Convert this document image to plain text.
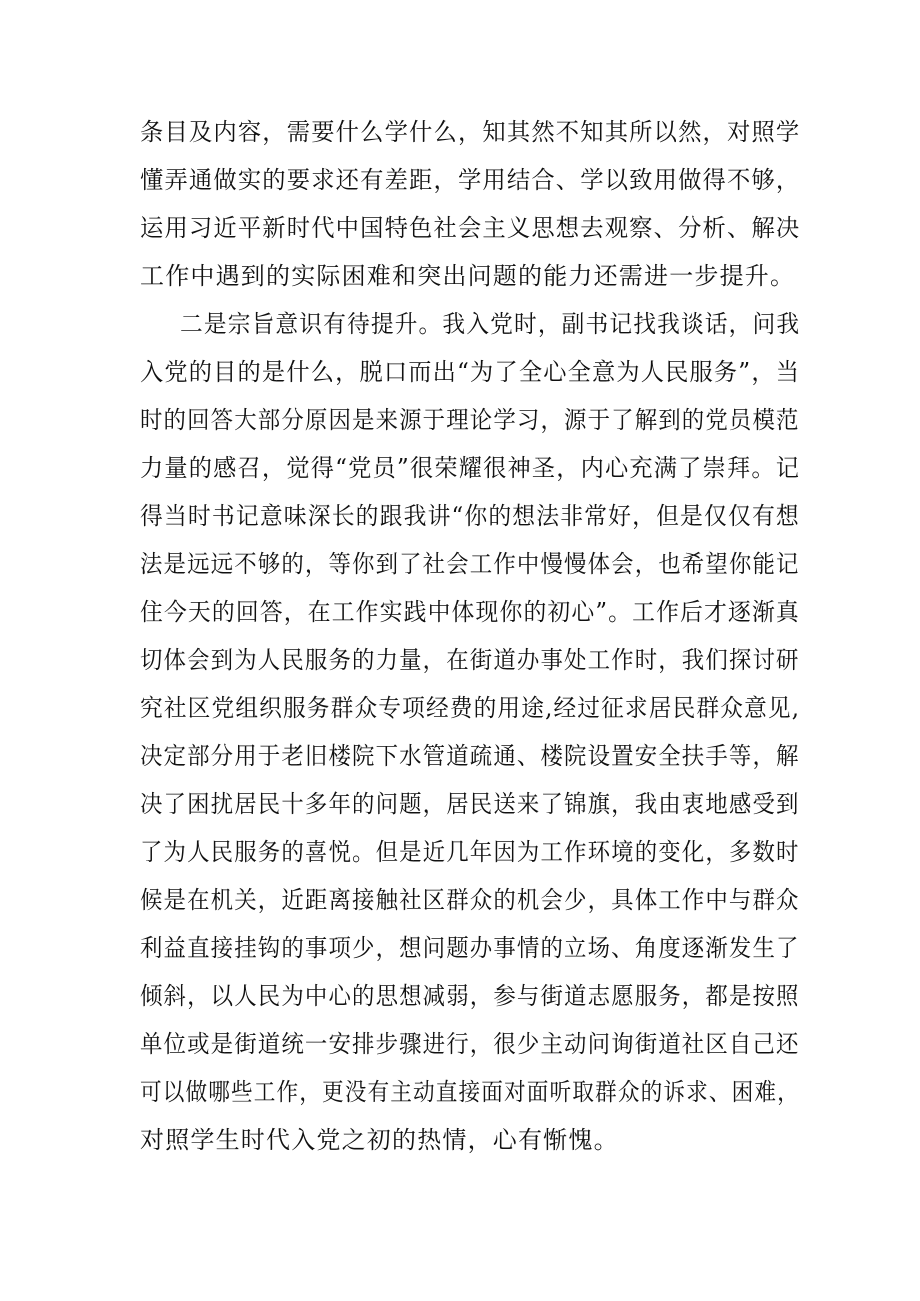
条目及内容，需要什么学什么，知其然不知其所以然，对照学
懂弄通做实的要求还有差距，学用结合、学以致用做得不够，
运用习近平新时代中国特色社会主义思想去观察、分析、解决
工作中遇到的实际困难和突出问题的能力还需进一步提升。
二是宗旨意识有待提升。我入党时，副书记找我谈话，问我
入党的目的是什么，脱口而出“为了全心全意为人民服务”，当
时的回答大部分原因是来源于理论学习，源于了解到的党员模范
力量的感召，觉得“党员”很荣耀很神圣，内心充满了崇拜。记
得当时书记意味深长的跟我讲“你的想法非常好，但是仅仅有想
法是远远不够的，等你到了社会工作中慢慢体会，也希望你能记
住今天的回答，在工作实践中体现你的初心”。工作后才逐渐真
切体会到为人民服务的力量，在街道办事处工作时，我们探讨研
究社区党组织服务群众专项经费的用途,经过征求居民群众意见,
决定部分用于老旧楼院下水管道疏通、楼院设置安全扶手等，解
决了困扰居民十多年的问题，居民送来了锦旗，我由衷地感受到
了为人民服务的喜悦。但是近几年因为工作环境的变化，多数时
候是在机关，近距离接触社区群众的机会少，具体工作中与群众
利益直接挂钩的事项少，想问题办事情的立场、角度逐渐发生了
倾斜，以人民为中心的思想减弱，参与街道志愿服务，都是按照
单位或是街道统一安排步骤进行，很少主动问询街道社区自己还
可以做哪些工作，更没有主动直接面对面听取群众的诉求、困难，
对照学生时代入党之初的热情，心有惭愧。
